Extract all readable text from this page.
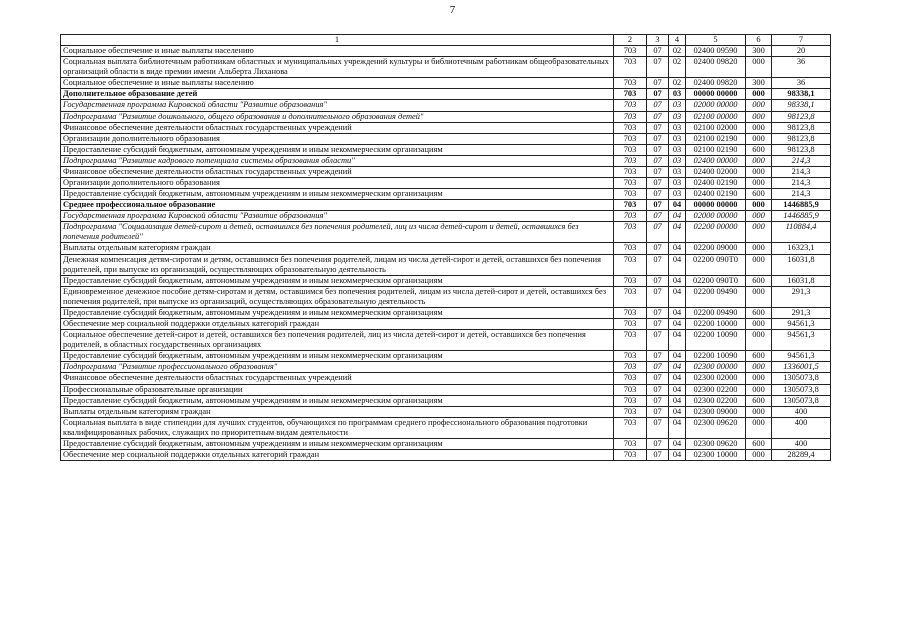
7
1	2	3	4	5	6	7
Социальное обеспечение и иные выплаты населению	703	07	02	02400 09590	300	20
Социальная выплата библиотечным работникам областных и муниципальных учреждений культуры и библиотечным работникам общеобразовательных организаций области в виде премии имени Альберта Лиханова	703	07	02	02400 09820	000	36
Социальное обеспечение и иные выплаты населению	703	07	02	02400 09820	300	36
Дополнительное образование детей	703	07	03	00000 00000	000	98338,1
Государственная программа Кировской области "Развитие образования"	703	07	03	02000 00000	000	98338,1
Подпрограмма "Развитие дошкольного, общего образования и дополнительного образования детей"	703	07	03	02100 00000	000	98123,8
Финансовое обеспечение деятельности областных государственных учреждений	703	07	03	02100 02000	000	98123,8
Организации дополнительного образования	703	07	03	02100 02190	000	98123,8
Предоставление субсидий бюджетным, автономным учреждениям и иным некоммерческим организациям	703	07	03	02100 02190	600	98123,8
Подпрограмма "Развитие кадрового потенциала системы образования области"	703	07	03	02400 00000	000	214,3
Финансовое обеспечение деятельности областных государственных учреждений	703	07	03	02400 02000	000	214,3
Организации дополнительного образования	703	07	03	02400 02190	000	214,3
Предоставление субсидий бюджетным, автономным учреждениям и иным некоммерческим организациям	703	07	03	02400 02190	600	214,3
Среднее профессиональное образование	703	07	04	00000 00000	000	1446885,9
Государственная программа Кировской области "Развитие образования"	703	07	04	02000 00000	000	1446885,9
Подпрограмма "Социализация детей-сирот и детей, оставшихся без попечения родителей, лиц из числа детей-сирот и детей, оставшихся без попечения родителей"	703	07	04	02200 00000	000	110884,4
Выплаты отдельным категориям граждан	703	07	04	02200 09000	000	16323,1
Денежная компенсация детям-сиротам и детям, оставшимся без попечения родителей, лицам из числа детей-сирот и детей, оставшихся без попечения родителей, при выпуске из организаций, осуществляющих образовательную деятельность	703	07	04	02200 090Т0	000	16031,8
Предоставление субсидий бюджетным, автономным учреждениям и иным некоммерческим организациям	703	07	04	02200 090Т0	600	16031,8
Единовременное денежное пособие детям-сиротам и детям, оставшимся без попечения родителей, лицам из числа детей-сирот и детей, оставшихся без попечения родителей, при выпуске из организаций, осуществляющих образовательную деятельность	703	07	04	02200 09490	000	291,3
Предоставление субсидий бюджетным, автономным учреждениям и иным некоммерческим организациям	703	07	04	02200 09490	600	291,3
Обеспечение мер социальной поддержки отдельных категорий граждан	703	07	04	02200 10000	000	94561,3
Социальное обеспечение детей-сирот и детей, оставшихся без попечения родителей, лиц из числа детей-сирот и детей, оставшихся без попечения родителей, в областных государственных организациях	703	07	04	02200 10090	000	94561,3
Предоставление субсидий бюджетным, автономным учреждениям и иным некоммерческим организациям	703	07	04	02200 10090	600	94561,3
Подпрограмма "Развитие профессионального образования"	703	07	04	02300 00000	000	1336001,5
Финансовое обеспечение деятельности областных государственных учреждений	703	07	04	02300 02000	000	1305073,8
Профессиональные образовательные организации	703	07	04	02300 02200	000	1305073,8
Предоставление субсидий бюджетным, автономным учреждениям и иным некоммерческим организациям	703	07	04	02300 02200	600	1305073,8
Выплаты отдельным категориям граждан	703	07	04	02300 09000	000	400
Социальная выплата в виде стипендии для лучших студентов, обучающихся по программам среднего профессионального образования подготовки квалифицированных рабочих, служащих по приоритетным видам деятельности	703	07	04	02300 09620	000	400
Предоставление субсидий бюджетным, автономным учреждениям и иным некоммерческим организациям	703	07	04	02300 09620	600	400
Обеспечение мер социальной поддержки отдельных категорий граждан	703	07	04	02300 10000	000	28289,4
